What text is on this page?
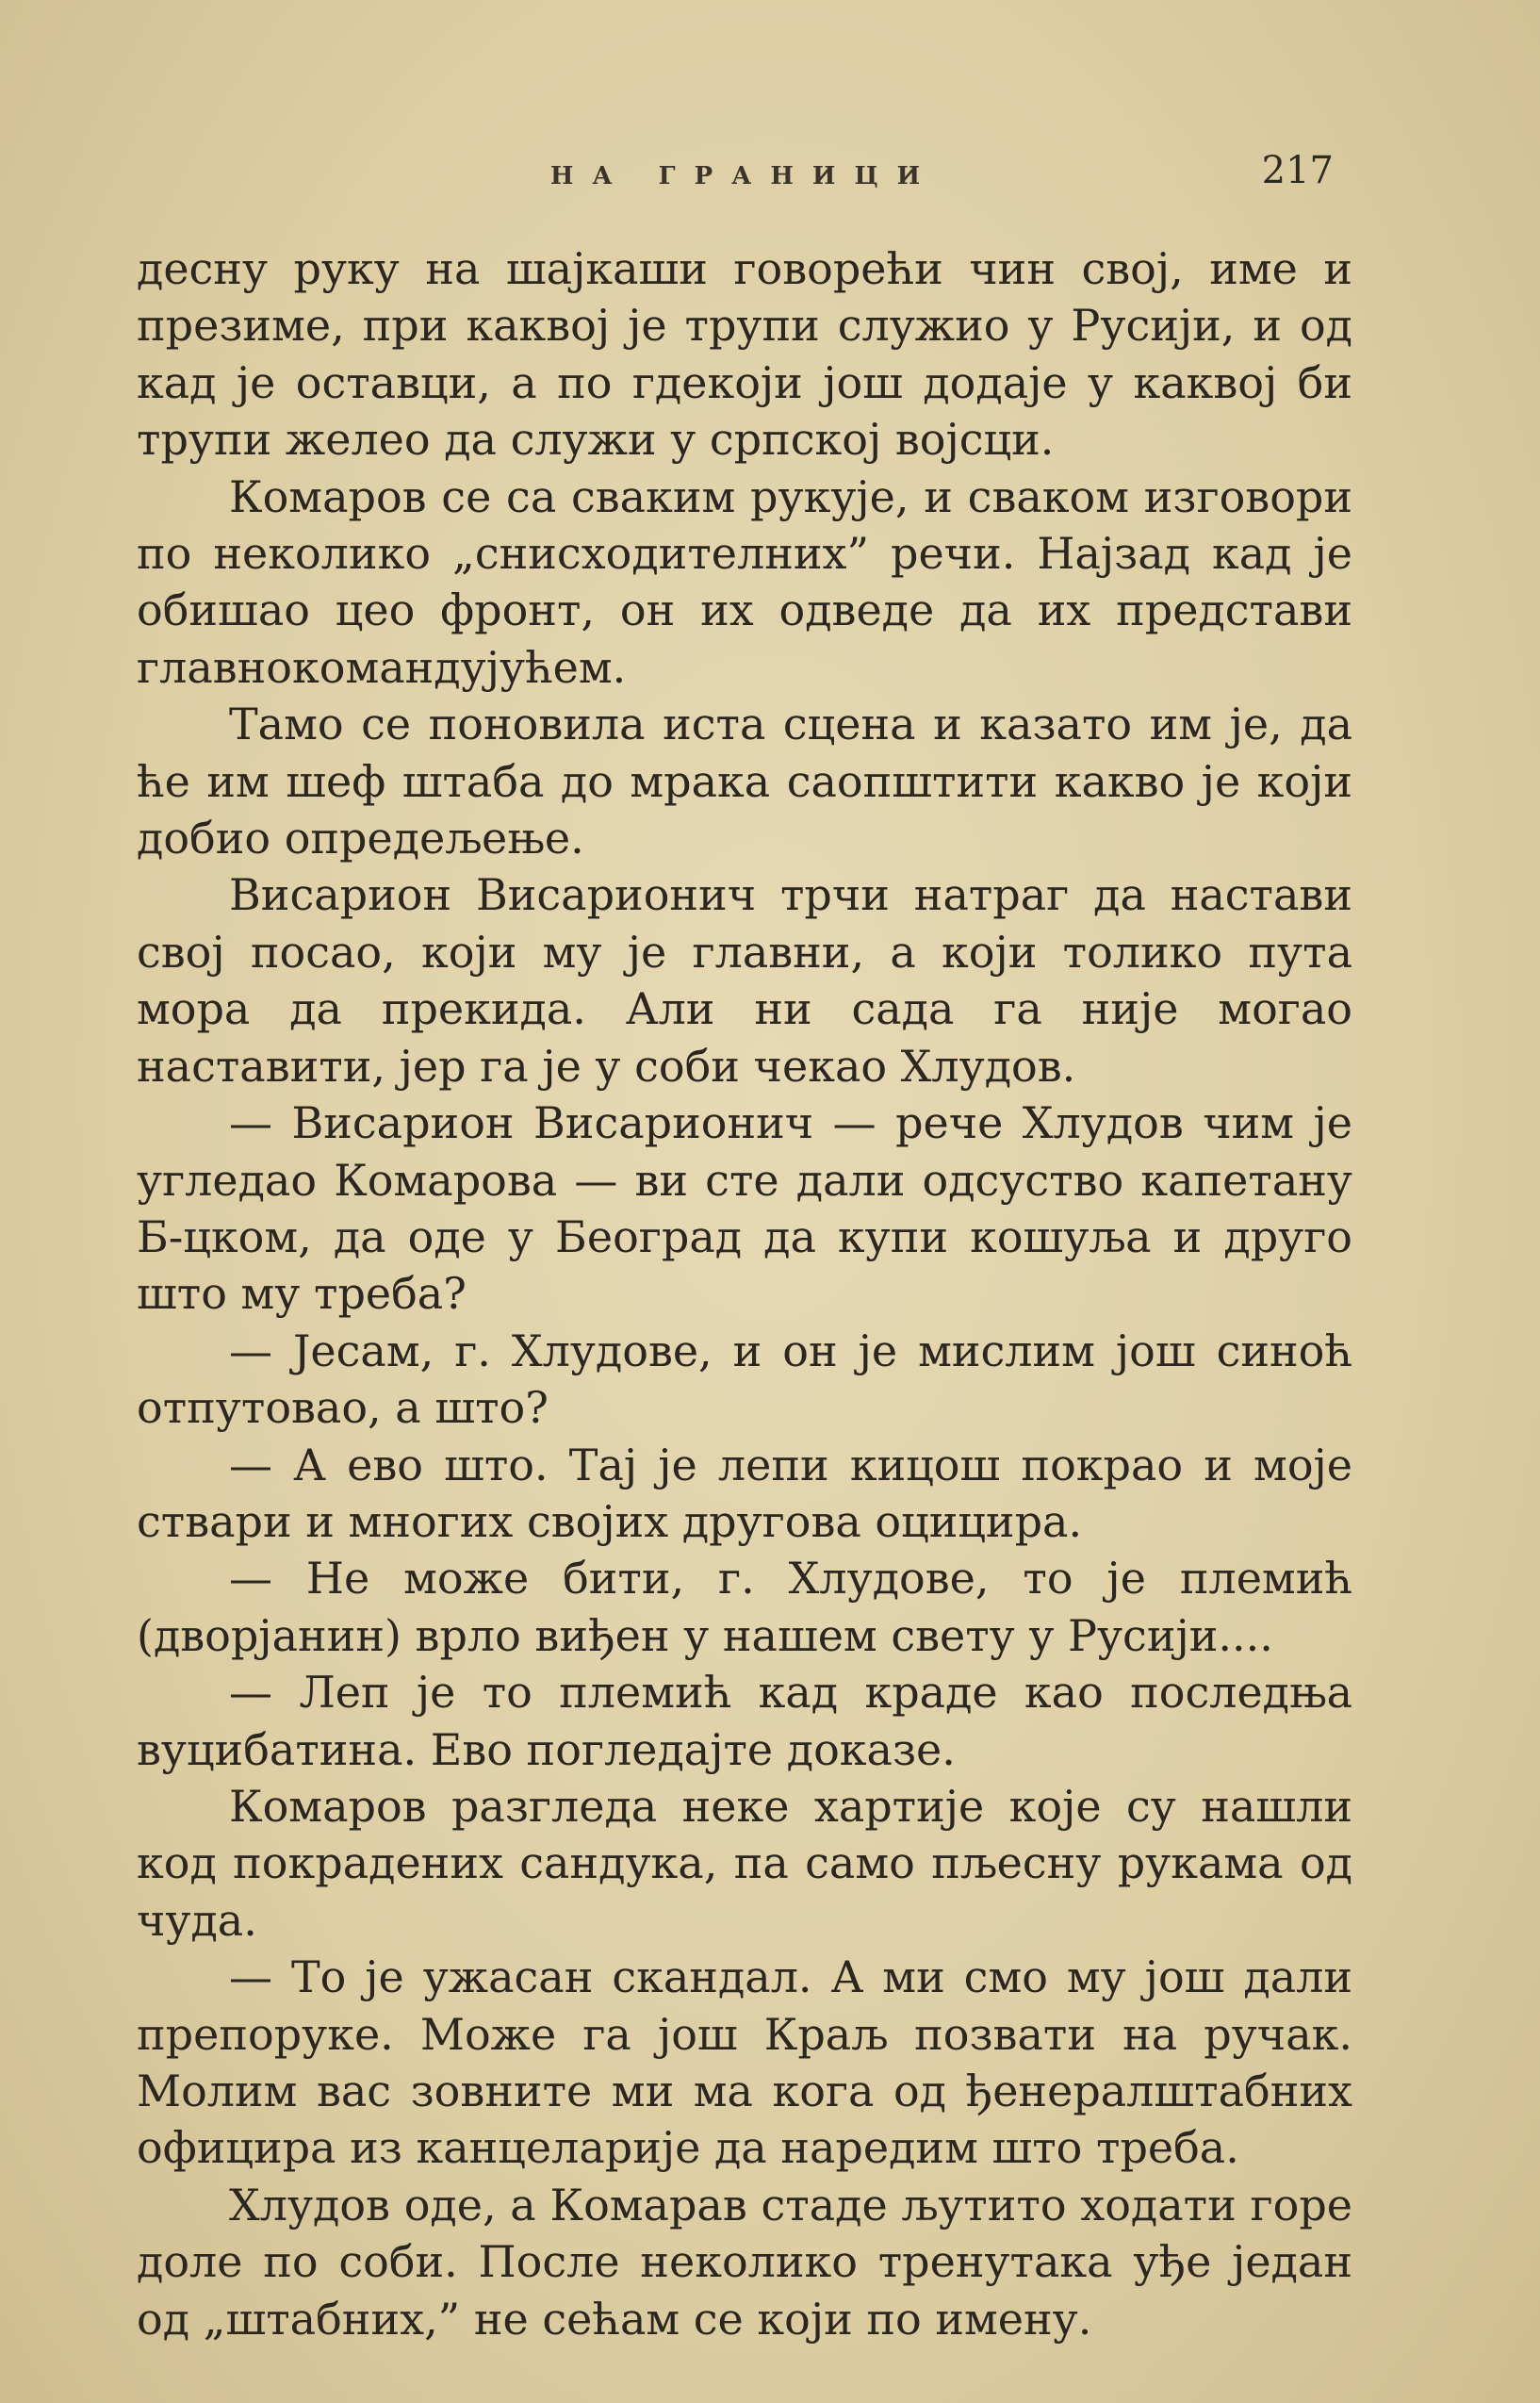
НА ГРАНИЦИ	217

десну руку на шајкаши говорећи чин свој, име и презиме, при каквој је трупи служио у Русији, и од кад је оставци, а по гдекоји још додаје у каквој би трупи желео да служи у српској војсци.

Комаров се са сваким рукује, и сваком изговори по неколико „снисходителних” речи. Најзад кад је обишао цео фронт, он их одведе да их представи главнокомандујућем.

Тамо се поновила иста сцена и казато им је, да ће им шеф штаба до мрака саопштити какво је који добио опредељење.

Висарион Висарионич трчи натраг да настави свој посао, који му је главни, а који толико пута мора да прекида. Али ни сада га није могао наставити, јер га је у соби чекао Хлудов.

— Висарион Висарионич — рече Хлудов чим је угледао Комарова — ви сте дали одсуство капетану Б-цком, да оде у Београд да купи кошуља и друго што му треба?

— Јесам, г. Хлудове, и он је мислим још синоћ отпутовао, а што?

— А ево што. Тај је лепи кицош покрао и моје ствари и многих својих другова оцицира.

— Не може бити, г. Хлудове, то је племић (дворјанин) врло виђен у нашем свету у Русији....

— Леп је то племић кад краде као последња вуцибатина. Ево погледајте доказе.

Комаров разгледа неке хартије које су нашли код покрадених сандука, па само пљесну рукама од чуда.

— То је ужасан скандал. А ми смо му још дали препоруке. Може га још Краљ позвати на ручак. Молим вас зовните ми ма кога од ђенералштабних официра из канцеларије да наредим што треба.

Хлудов оде, а Комарав стаде љутито ходати горе доле по соби. После неколико тренутака уђе један од „штабних,” не сећам се који по имену.
